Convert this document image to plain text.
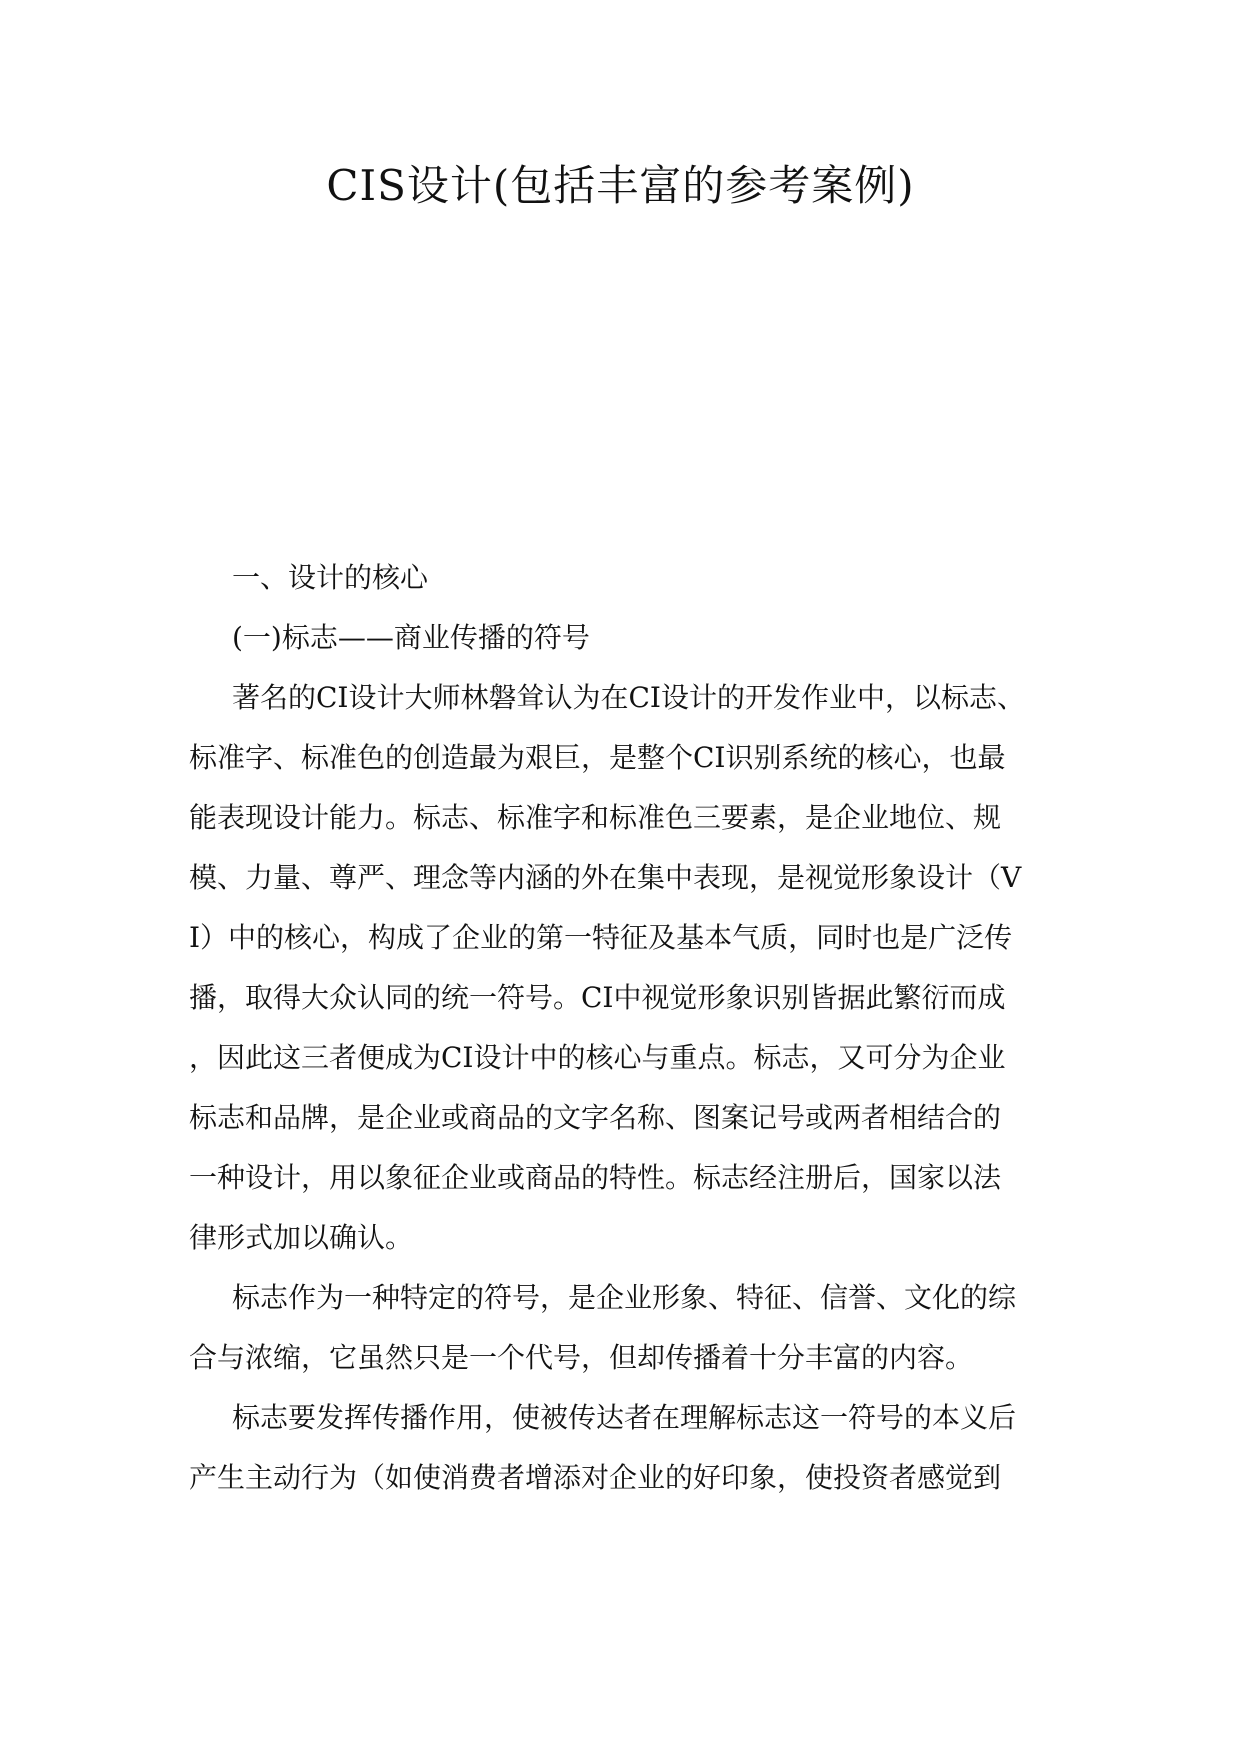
CIS设计(包括丰富的参考案例)
一、设计的核心
(一)标志——商业传播的符号
著名的CI设计大师林磐耸认为在CI设计的开发作业中，以标志、
标准字、标准色的创造最为艰巨，是整个CI识别系统的核心，也最
能表现设计能力。标志、标准字和标准色三要素，是企业地位、规
模、力量、尊严、理念等内涵的外在集中表现，是视觉形象设计（V
I）中的核心，构成了企业的第一特征及基本气质，同时也是广泛传
播，取得大众认同的统一符号。CI中视觉形象识别皆据此繁衍而成
，因此这三者便成为CI设计中的核心与重点。标志，又可分为企业
标志和品牌，是企业或商品的文字名称、图案记号或两者相结合的
一种设计，用以象征企业或商品的特性。标志经注册后，国家以法
律形式加以确认。
标志作为一种特定的符号，是企业形象、特征、信誉、文化的综
合与浓缩，它虽然只是一个代号，但却传播着十分丰富的内容。
标志要发挥传播作用，使被传达者在理解标志这一符号的本义后
产生主动行为（如使消费者增添对企业的好印象，使投资者感觉到
